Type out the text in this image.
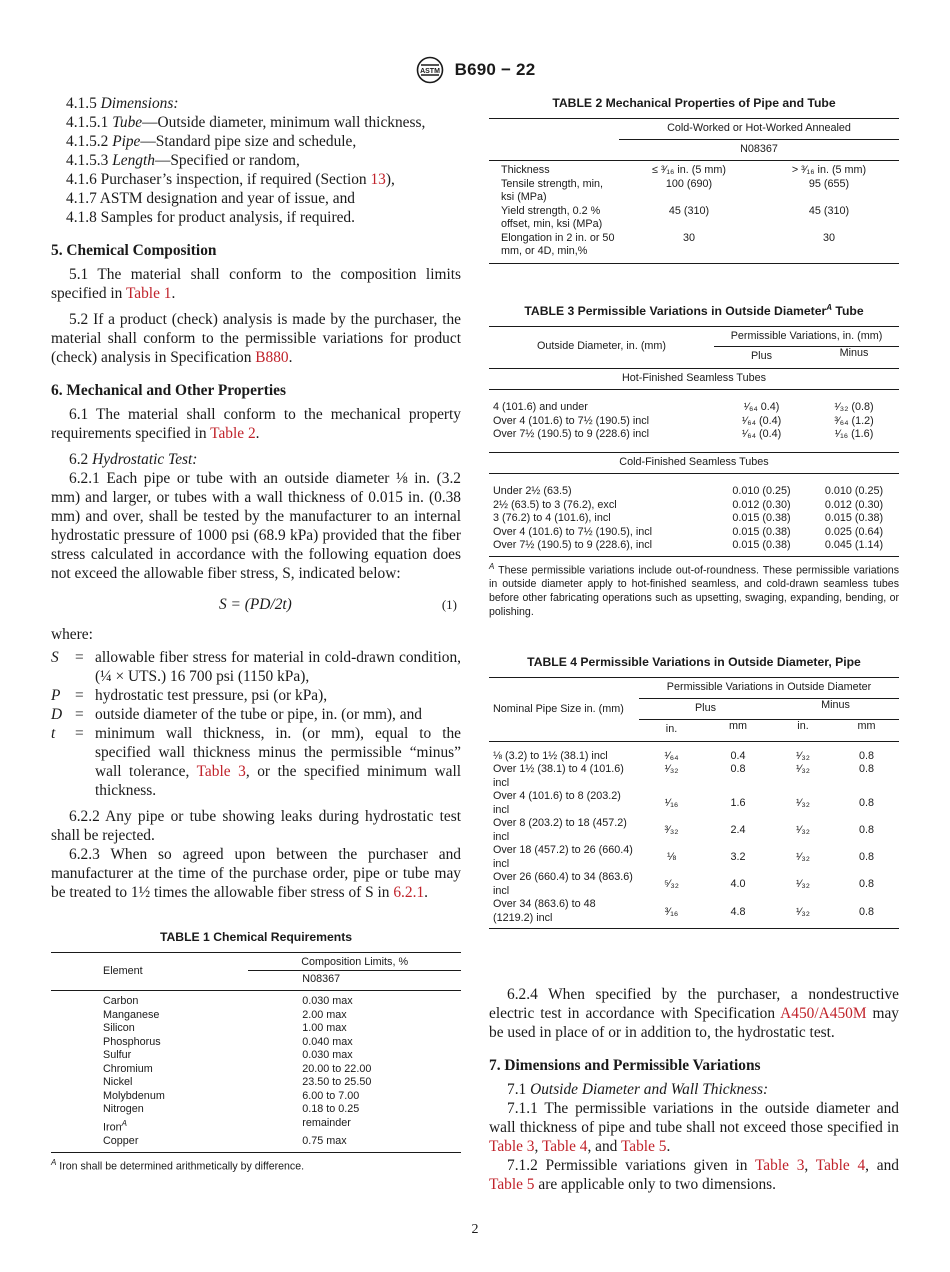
ASTM B690 − 22

4.1.5 Dimensions:

4.1.5.1 Tube—Outside diameter, minimum wall thickness,

4.1.5.2 Pipe—Standard pipe size and schedule,

4.1.5.3 Length—Specified or random,

4.1.6 Purchaser’s inspection, if required (Section 13),

4.1.7 ASTM designation and year of issue, and

4.1.8 Samples for product analysis, if required.

5. Chemical Composition

5.1 The material shall conform to the composition limits specified in Table 1.

5.2 If a product (check) analysis is made by the purchaser, the material shall conform to the permissible variations for product (check) analysis in Specification B880.

6. Mechanical and Other Properties

6.1 The material shall conform to the mechanical property requirements specified in Table 2.

6.2 Hydrostatic Test:

6.2.1 Each pipe or tube with an outside diameter ⅛ in. (3.2 mm) and larger, or tubes with a wall thickness of 0.015 in. (0.38 mm) and over, shall be tested by the manufacturer to an internal hydrostatic pressure of 1000 psi (68.9 kPa) provided that the fiber stress calculated in accordance with the following equation does not exceed the allowable fiber stress, S, indicated below:

S = (PD/2t)	(1)

where:

S	= allowable fiber stress for material in cold-drawn condition, (¼ × UTS.) 16 700 psi (1150 kPa),
P = hydrostatic test pressure, psi (or kPa),
D = outside diameter of the tube or pipe, in. (or mm), and
t	= minimum wall thickness, in. (or mm), equal to the specified wall thickness minus the permissible “minus” wall tolerance, Table 3, or the specified minimum wall thickness.

6.2.2 Any pipe or tube showing leaks during hydrostatic test shall be rejected.

6.2.3 When so agreed upon between the purchaser and manufacturer at the time of the purchase order, pipe or tube may be treated to 1½ times the allowable fiber stress of S in 6.2.1.

TABLE 1 Chemical Requirements
Element	Composition Limits, %
	N08367

Carbon	0.030 max
Manganese	2.00 max
Silicon	1.00 max
Phosphorus	0.040 max
Sulfur	0.030 max
Chromium	20.00 to 22.00
Nickel	23.50 to 25.50
Molybdenum	6.00 to 7.00
Nitrogen	0.18 to 0.25
Iron$^A$	remainder
Copper	0.75 max
$^A$ Iron shall be determined arithmetically by difference.
TABLE 2 Mechanical Properties of Pipe and Tube
	Cold-Worked or Hot-Worked Annealed	
	N08367	

Thickness	≤ ³⁄₁₆ in. (5 mm)	> ³⁄₁₆ in. (5 mm)
Tensile strength, min, ksi (MPa)	100 (690)	95 (655)
Yield strength, 0.2 % offset, min, ksi (MPa)	45 (310)	45 (310)
Elongation in 2 in. or 50 mm, or 4D, min,%	30	30
TABLE 3 Permissible Variations in Outside Diameter$^A$ Tube
Outside Diameter, in. (mm)	Permissible Variations, in. (mm)	
	Plus	Minus
Hot-Finished Seamless Tubes		

4 (101.6) and under	¹⁄₆₄ 0.4)	¹⁄₃₂ (0.8)
Over 4 (101.6) to 7½ (190.5) incl	¹⁄₆₄ (0.4)	³⁄₆₄ (1.2)
Over 7½ (190.5) to 9 (228.6) incl	¹⁄₆₄ (0.4)	¹⁄₁₆ (1.6)

Cold-Finished Seamless Tubes		

Under 2½ (63.5)	0.010 (0.25)	0.010 (0.25)
2½ (63.5) to 3 (76.2), excl	0.012 (0.30)	0.012 (0.30)
3 (76.2) to 4 (101.6), incl	0.015 (0.38)	0.015 (0.38)
Over 4 (101.6) to 7½ (190.5), incl	0.015 (0.38)	0.025 (0.64)
Over 7½ (190.5) to 9 (228.6), incl	0.015 (0.38)	0.045 (1.14)
$^A$ These permissible variations include out-of-roundness. These permissible variations in outside diameter apply to hot-finished seamless, and cold-drawn seamless tubes before other fabricating operations such as upsetting, swaging, expanding, bending, or polishing.
TABLE 4 Permissible Variations in Outside Diameter, Pipe
Nominal Pipe Size in. (mm)	Permissible Variations in Outside Diameter			
	Plus		Minus	
	in.	mm	in.	mm

⅛ (3.2) to 1½ (38.1) incl	¹⁄₆₄	0.4	¹⁄₃₂	0.8
Over 1½ (38.1) to 4 (101.6) incl	¹⁄₃₂	0.8	¹⁄₃₂	0.8
Over 4 (101.6) to 8 (203.2) incl	¹⁄₁₆	1.6	¹⁄₃₂	0.8
Over 8 (203.2) to 18 (457.2) incl	³⁄₃₂	2.4	¹⁄₃₂	0.8
Over 18 (457.2) to 26 (660.4) incl	⅛	3.2	¹⁄₃₂	0.8
Over 26 (660.4) to 34 (863.6) incl	⁵⁄₃₂	4.0	¹⁄₃₂	0.8
Over 34 (863.6) to 48 (1219.2) incl	³⁄₁₆	4.8	¹⁄₃₂	0.8

6.2.4 When specified by the purchaser, a nondestructive electric test in accordance with Specification A450/A450M may be used in place of or in addition to, the hydrostatic test.

7. Dimensions and Permissible Variations

7.1 Outside Diameter and Wall Thickness:

7.1.1 The permissible variations in the outside diameter and wall thickness of pipe and tube shall not exceed those specified in Table 3, Table 4, and Table 5.

7.1.2 Permissible variations given in Table 3, Table 4, and Table 5 are applicable only to two dimensions.

2
